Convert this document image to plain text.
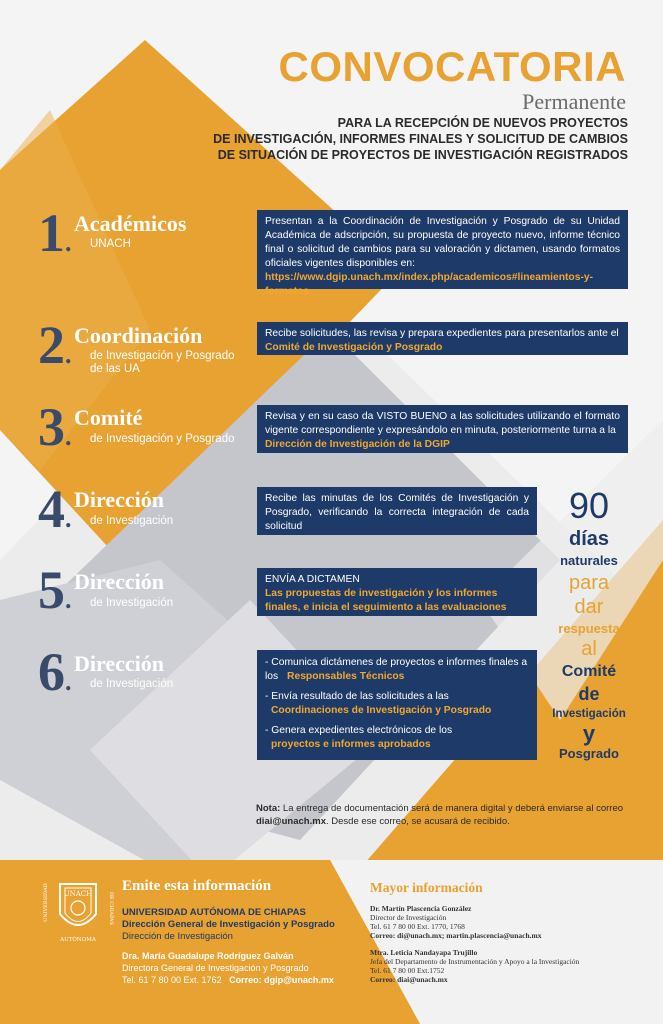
CONVOCATORIA
Permanente
PARA LA RECEPCIÓN DE NUEVOS PROYECTOS
DE INVESTIGACIÓN, INFORMES FINALES Y SOLICITUD DE CAMBIOS
DE SITUACIÓN DE PROYECTOS DE INVESTIGACIÓN REGISTRADOS
1.
Académicos
UNACH
Presentan a la Coordinación de Investigación y Posgrado de su Unidad Académica de adscripción, su propuesta de proyecto nuevo, informe técnico final o solicitud de cambios para su valoración y dictamen, usando formatos oficiales vigentes disponibles en:
https://www.dgip.unach.mx/index.php/academicos#lineamientos-y-formatos
2.
Coordinación
de Investigación y Posgrado de las UA
Recibe solicitudes, las revisa y prepara expedientes para presentarlos ante el
Comité de Investigación y Posgrado
3.
Comité
de Investigación y Posgrado
Revisa y en su caso da VISTO BUENO a las solicitudes utilizando el formato vigente correspondiente y expresándolo en minuta, posteriormente turna a la
Dirección de Investigación de la DGIP
4.
Dirección
de Investigación
Recibe las minutas de los Comités de Investigación y Posgrado, verificando la correcta integración de cada solicitud
5.
Dirección
de Investigación
ENVÍA A DICTAMEN
Las propuestas de investigación y los informes finales, e inicia el seguimiento a las evaluaciones
6.
Dirección
de Investigación
- Comunica dictámenes de proyectos e informes finales a los Responsables Técnicos
- Envía resultado de las solicitudes a las
Coordinaciones de Investigación y Posgrado
- Genera expedientes electrónicos de los
proyectos e informes aprobados
90
días
naturales
para
dar
respuesta
al
Comité
de
Investigación
y
Posgrado
Nota: La entrega de documentación será de manera digital y deberá enviarse al correo diai@unach.mx. Desde ese correo, se acusará de recibido.
UNACH
AUTÓNOMA
UNIVERSIDAD	DE CHIAPAS
Emite esta información
UNIVERSIDAD AUTÓNOMA DE CHIAPAS
Dirección General de Investigación y Posgrado
Dirección de Investigación
Dra. María Guadalupe Rodríguez Galván
Directora General de Investigación y Posgrado
Tel. 61 7 80 00 Ext. 1762 Correo: dgip@unach.mx
Mayor información
Dr. Martín Plascencia González
Director de Investigación
Tel. 61 7 80 00 Ext. 1770, 1768
Correo: di@unach.mx; martin.plascencia@unach.mx
Mtra. Leticia Nandayapa Trujillo
Jefa del Departamento de Instrumentación y Apoyo a la Investigación
Tel. 61 7 80 00 Ext.1752
Correo: diai@unach.mx
